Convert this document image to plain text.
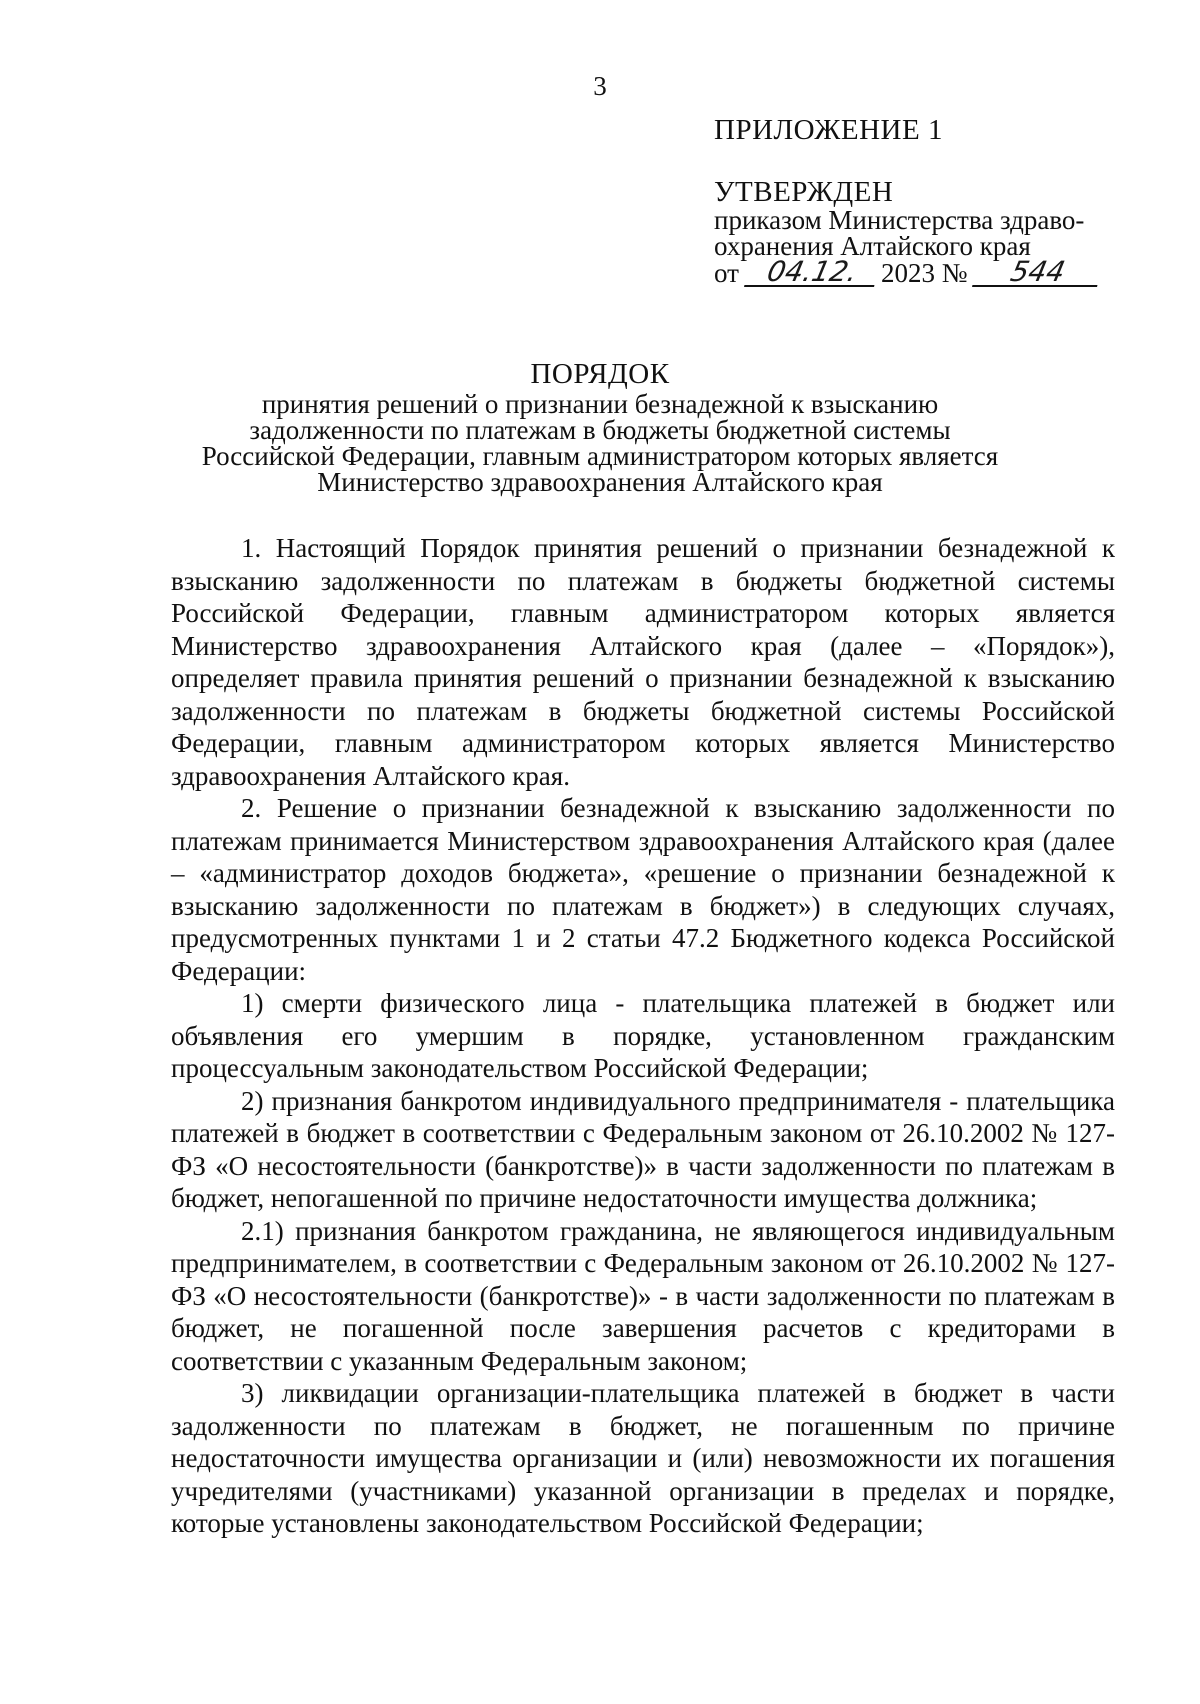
3
ПРИЛОЖЕНИЕ 1
УТВЕРЖДЕН
приказом Министерства здраво-
охранения Алтайского края
от 04.12. 2023 №	544
ПОРЯДОК
принятия решений о признании безнадежной к взысканию
задолженности по платежам в бюджеты бюджетной системы
Российской Федерации, главным администратором которых является
Министерство здравоохранения Алтайского края

1. Настоящий Порядок принятия решений о признании безнадежной к взысканию задолженности по платежам в бюджеты бюджетной системы Российской Федерации, главным администратором которых является Министерство здравоохранения Алтайского края (далее – «Порядок»), определяет правила принятия решений о признании безнадежной к взысканию задолженности по платежам в бюджеты бюджетной системы Российской Федерации, главным администратором которых является Министерство здравоохранения Алтайского края.

2. Решение о признании безнадежной к взысканию задолженности по платежам принимается Министерством здравоохранения Алтайского края (далее – «администратор доходов бюджета», «решение о признании безнадежной к взысканию задолженности по платежам в бюджет») в следующих случаях, предусмотренных пунктами 1 и 2 статьи 47.2 Бюджетного кодекса Российской Федерации:

1) смерти физического лица - плательщика платежей в бюджет или объявления его умершим в порядке, установленном гражданским процессуальным законодательством Российской Федерации;

2) признания банкротом индивидуального предпринимателя - плательщика платежей в бюджет в соответствии с Федеральным законом от 26.10.2002 № 127-ФЗ «О несостоятельности (банкротстве)» в части задолженности по платежам в бюджет, непогашенной по причине недостаточности имущества должника;

2.1) признания банкротом гражданина, не являющегося индивидуальным предпринимателем, в соответствии с Федеральным законом от 26.10.2002 № 127-ФЗ «О несостоятельности (банкротстве)» - в части задолженности по платежам в бюджет, не погашенной после завершения расчетов с кредиторами в соответствии с указанным Федеральным законом;

3) ликвидации организации-плательщика платежей в бюджет в части задолженности по платежам в бюджет, не погашенным по причине недостаточности имущества организации и (или) невозможности их погашения учредителями (участниками) указанной организации в пределах и порядке, которые установлены законодательством Российской Федерации;
